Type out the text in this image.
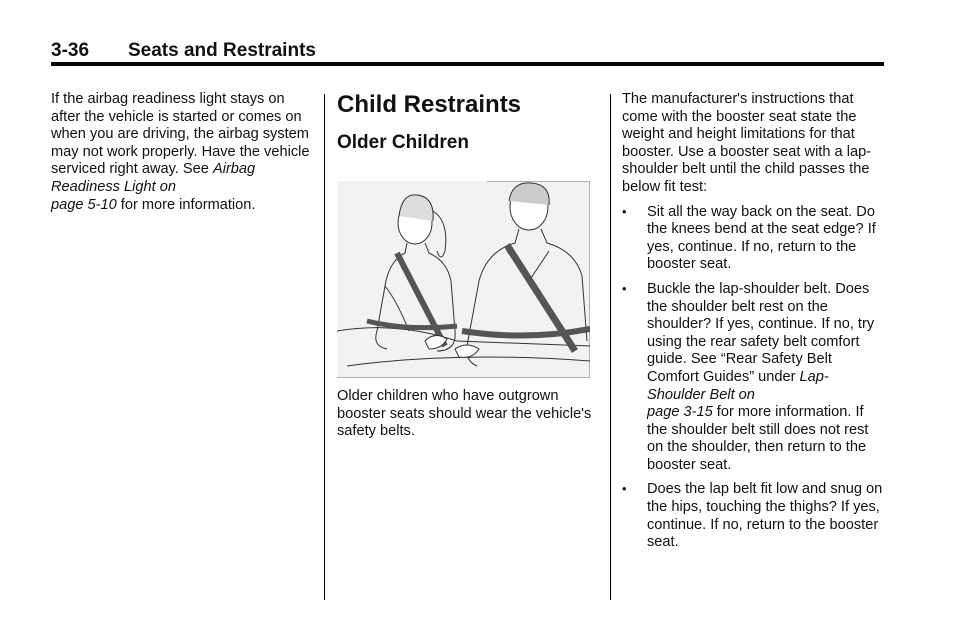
3-36 Seats and Restraints

If the airbag readiness light stays on after the vehicle is started or comes on when you are driving, the airbag system may not work properly. Have the vehicle serviced right away. See Airbag Readiness Light on
page 5-10 for more information.

Child Restraints
Older Children

Older children who have outgrown booster seats should wear the vehicle's safety belts.

The manufacturer's instructions that come with the booster seat state the weight and height limitations for that booster. Use a booster seat with a lap-shoulder belt until the child passes the below fit test:

• Sit all the way back on the seat. Do the knees bend at the seat edge? If yes, continue. If no, return to the booster seat.
• Buckle the lap-shoulder belt. Does the shoulder belt rest on the shoulder? If yes, continue. If no, try using the rear safety belt comfort guide. See “Rear Safety Belt Comfort Guides” under Lap-Shoulder Belt on
page 3-15 for more information. If the shoulder belt still does not rest on the shoulder, then return to the booster seat.
• Does the lap belt fit low and snug on the hips, touching the thighs? If yes, continue. If no, return to the booster seat.
